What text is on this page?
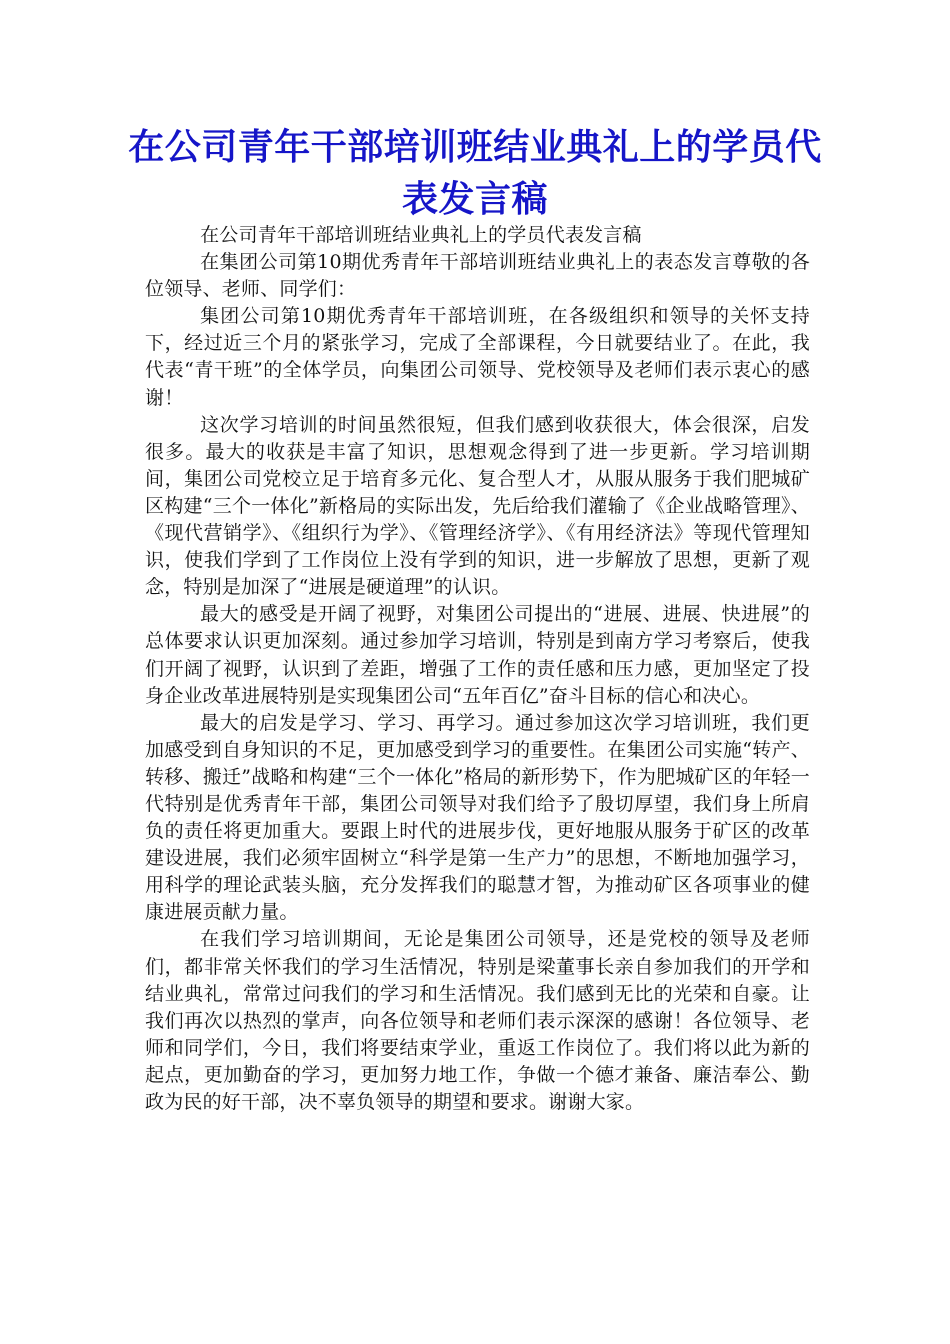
在公司青年干部培训班结业典礼上的学员代表发言稿

在公司青年干部培训班结业典礼上的学员代表发言稿

在集团公司第10期优秀青年干部培训班结业典礼上的表态发言尊敬的各位领导、老师、同学们：

集团公司第10期优秀青年干部培训班，在各级组织和领导的关怀支持下，经过近三个月的紧张学习，完成了全部课程，今日就要结业了。在此，我代表“青干班”的全体学员，向集团公司领导、党校领导及老师们表示衷心的感谢！

这次学习培训的时间虽然很短，但我们感到收获很大，体会很深，启发很多。最大的收获是丰富了知识，思想观念得到了进一步更新。学习培训期间，集团公司党校立足于培育多元化、复合型人才，从服从服务于我们肥城矿区构建“三个一体化”新格局的实际出发，先后给我们灌输了《企业战略管理》、《现代营销学》、《组织行为学》、《管理经济学》、《有用经济法》等现代管理知识，使我们学到了工作岗位上没有学到的知识，进一步解放了思想，更新了观念，特别是加深了“进展是硬道理”的认识。

最大的感受是开阔了视野，对集团公司提出的“进展、进展、快进展”的总体要求认识更加深刻。通过参加学习培训，特别是到南方学习考察后，使我们开阔了视野，认识到了差距，增强了工作的责任感和压力感，更加坚定了投身企业改革进展特别是实现集团公司“五年百亿”奋斗目标的信心和决心。

最大的启发是学习、学习、再学习。通过参加这次学习培训班，我们更加感受到自身知识的不足，更加感受到学习的重要性。在集团公司实施“转产、转移、搬迁”战略和构建“三个一体化”格局的新形势下，作为肥城矿区的年轻一代特别是优秀青年干部，集团公司领导对我们给予了殷切厚望，我们身上所肩负的责任将更加重大。要跟上时代的进展步伐，更好地服从服务于矿区的改革建设进展，我们必须牢固树立“科学是第一生产力”的思想，不断地加强学习，用科学的理论武装头脑，充分发挥我们的聪慧才智，为推动矿区各项事业的健康进展贡献力量。

在我们学习培训期间，无论是集团公司领导，还是党校的领导及老师们，都非常关怀我们的学习生活情况，特别是梁董事长亲自参加我们的开学和结业典礼，常常过问我们的学习和生活情况。我们感到无比的光荣和自豪。让我们再次以热烈的掌声，向各位领导和老师们表示深深的感谢！各位领导、老师和同学们，今日，我们将要结束学业，重返工作岗位了。我们将以此为新的起点，更加勤奋的学习，更加努力地工作，争做一个德才兼备、廉洁奉公、勤政为民的好干部，决不辜负领导的期望和要求。谢谢大家。
